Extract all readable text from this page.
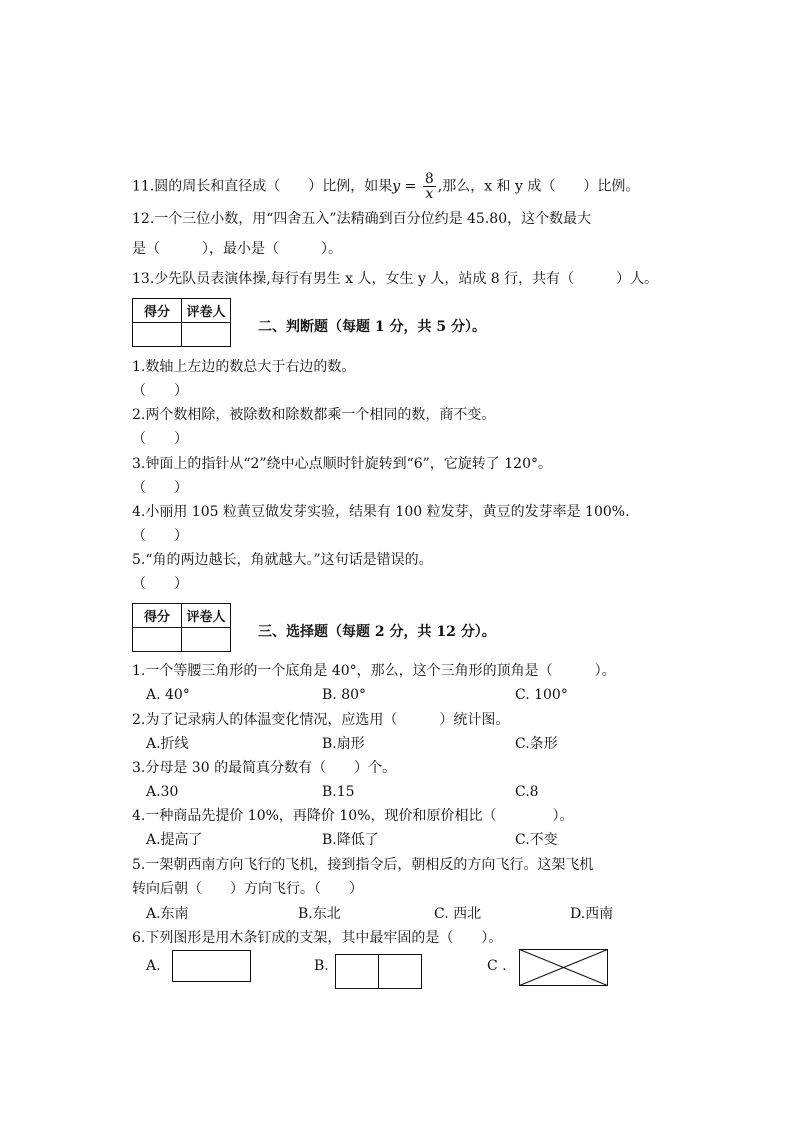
11.圆的周长和直径成（　　）比例，如果$y = \frac{8}{x}$ ,那么，x 和 y 成（　　）比例。
12.一个三位小数，用“四舍五入”法精确到百分位约是 45.80，这个数最大
是（　　　），最小是（　　　）。
13.少先队员表演体操,每行有男生 x 人，女生 y 人，站成 8 行，共有（　　　）人。
得分	评卷人

二、判断题（每题 1 分，共 5 分）。
1.数轴上左边的数总大于右边的数。
（　　）
2.两个数相除，被除数和除数都乘一个相同的数，商不变。
（　　）
3.钟面上的指针从“2”绕中心点顺时针旋转到“6”，它旋转了 120°。
（　　）
4.小丽用 105 粒黄豆做发芽实验，结果有 100 粒发芽，黄豆的发芽率是 100%.
（　　）
5.“角的两边越长，角就越大。”这句话是错误的。
（　　）
得分	评卷人

三、选择题（每题 2 分，共 12 分）。
1.一个等腰三角形的一个底角是 40°，那么，这个三角形的顶角是（　　　）。
A. 40°	B. 80°	C. 100°
2.为了记录病人的体温变化情况，应选用（　　　）统计图。
A.折线	B.扇形	C.条形
3.分母是 30 的最简真分数有（　　）个。
A.30	B.15	C.8
4.一种商品先提价 10%，再降价 10%，现价和原价相比（　　　　）。
A.提高了	B.降低了	C.不变
5.一架朝西南方向飞行的飞机，接到指令后，朝相反的方向飞行。这架飞机
转向后朝（　　）方向飞行。（　　）
A.东南	B.东北	C. 西北	D.西南
6.下列图形是用木条钉成的支架，其中最牢固的是（　　）。
A.	B.	C .
